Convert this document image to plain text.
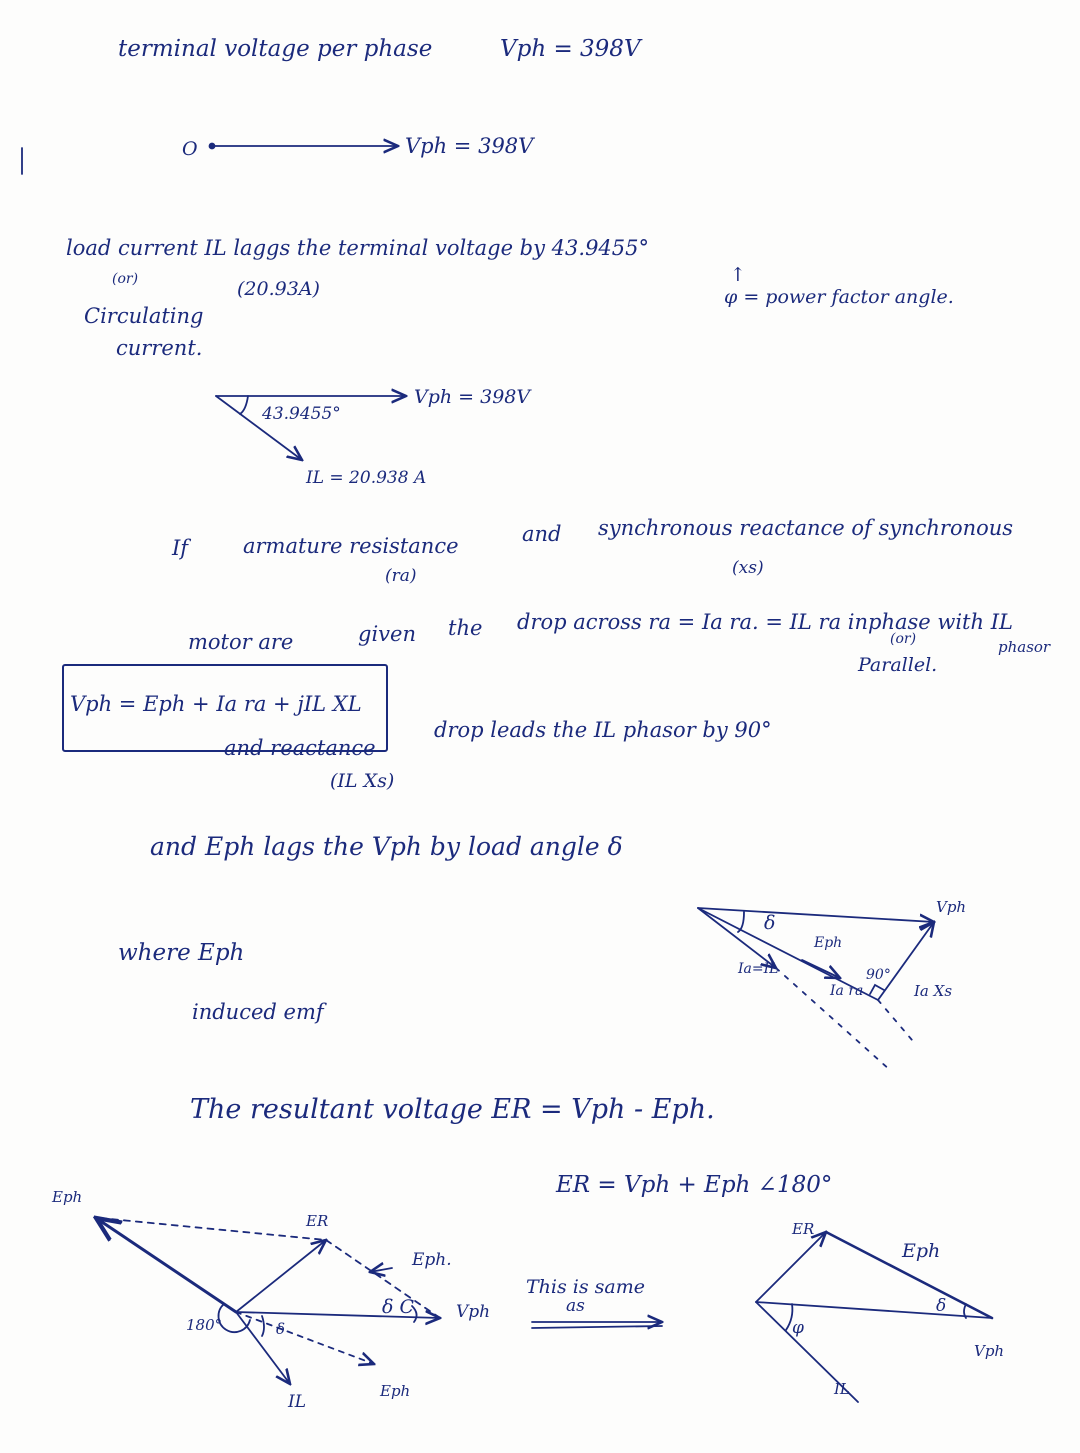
terminal voltage per phase	Vph = 398V
O	Vph = 398V
load current IL laggs the terminal voltage by 43.9455°
(or)	(20.93A)
↑
φ = power factor angle.
Circulating
current.
Vph = 398V
43.9455°
IL = 20.938 A
If	armature resistance
(ra)
and synchronous reactance of synchronous
(xs)
motor are	given the drop across ra = Ia ra. = IL ra inphase with IL
(or)	phasor
Parallel.
Vph = Eph + Ia ra + jIL XL
and reactance
(IL Xs)
drop leads the IL phasor by 90°
and Eph lags the Vph by load angle δ
δ
Vph
Eph
Ia=IL
Ia ra
90°
Ia Xs
where Eph
induced emf
The resultant voltage ER = Vph - Eph.
ER = Vph + Eph ∠180°
Eph
ER
Eph.
δ C Vph
180°	δ
IL
Eph
This is same
as
ER
Eph
δ
φ
Vph
IL
